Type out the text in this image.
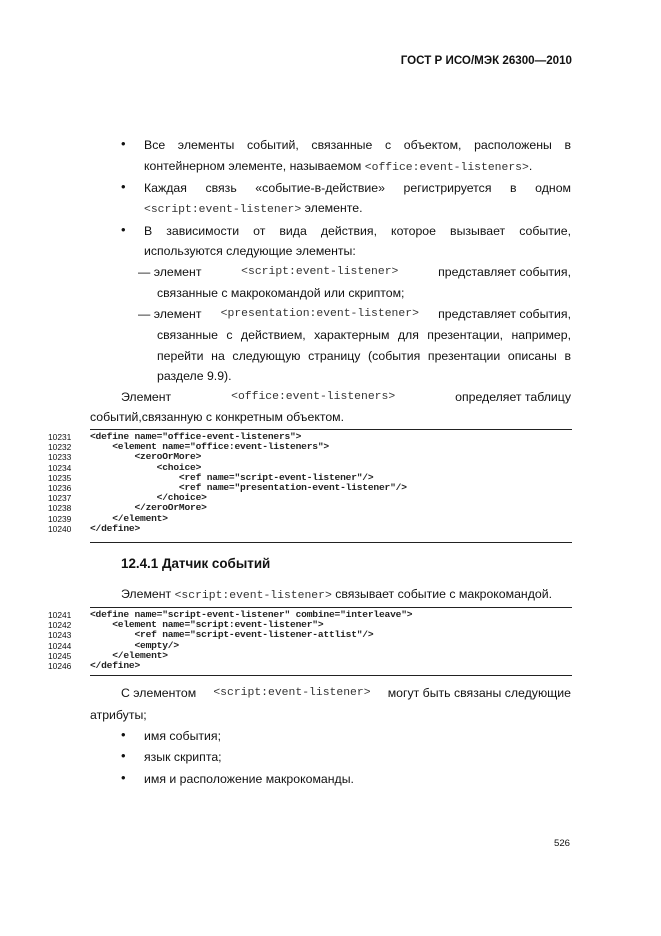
ГОСТ Р ИСО/МЭК 26300—2010
• Все элементы событий, связанные с объектом, расположены в
контейнерном элементе, называемом <office:event-listeners>.
• Каждая связь «событие-в-действие» регистрируется в одном
<script:event-listener> элементе.
• В зависимости от вида действия, которое вызывает событие,
используются следующие элементы:
— элемент	<script:event-listener>	представляет события,
связанные с макрокомандой или скриптом;
— элемент <presentation:event-listener> представляет события,
связанные с действием, характерным для презентации, например,
перейти на следующую страницу (события презентации описаны в
разделе 9.9).
Элемент	<office:event-listeners>	определяет таблицу
событий,связанную с конкретным объектом.
10231
10232
10233
10234
10235
10236
10237
10238
10239
10240
<define name="office-event-listeners">
<element name="office:event-listeners">
<zeroOrMore>
<choice>
<ref name="script-event-listener"/>
<ref name="presentation-event-listener"/>
</choice>
</zeroOrMore>
</element>
</define>
12.4.1 Датчик событий
Элемент <script:event-listener> связывает событие с макрокомандой.
10241
10242
10243
10244
10245
10246
<define name="script-event-listener" combine="interleave">
<element name="script:event-listener">
<ref name="script-event-listener-attlist"/>
<empty/>
</element>
</define>
С элементом <script:event-listener> могут быть связаны следующие
атрибуты;
• имя события;
• язык скрипта;
• имя и расположение макрокоманды.
526
